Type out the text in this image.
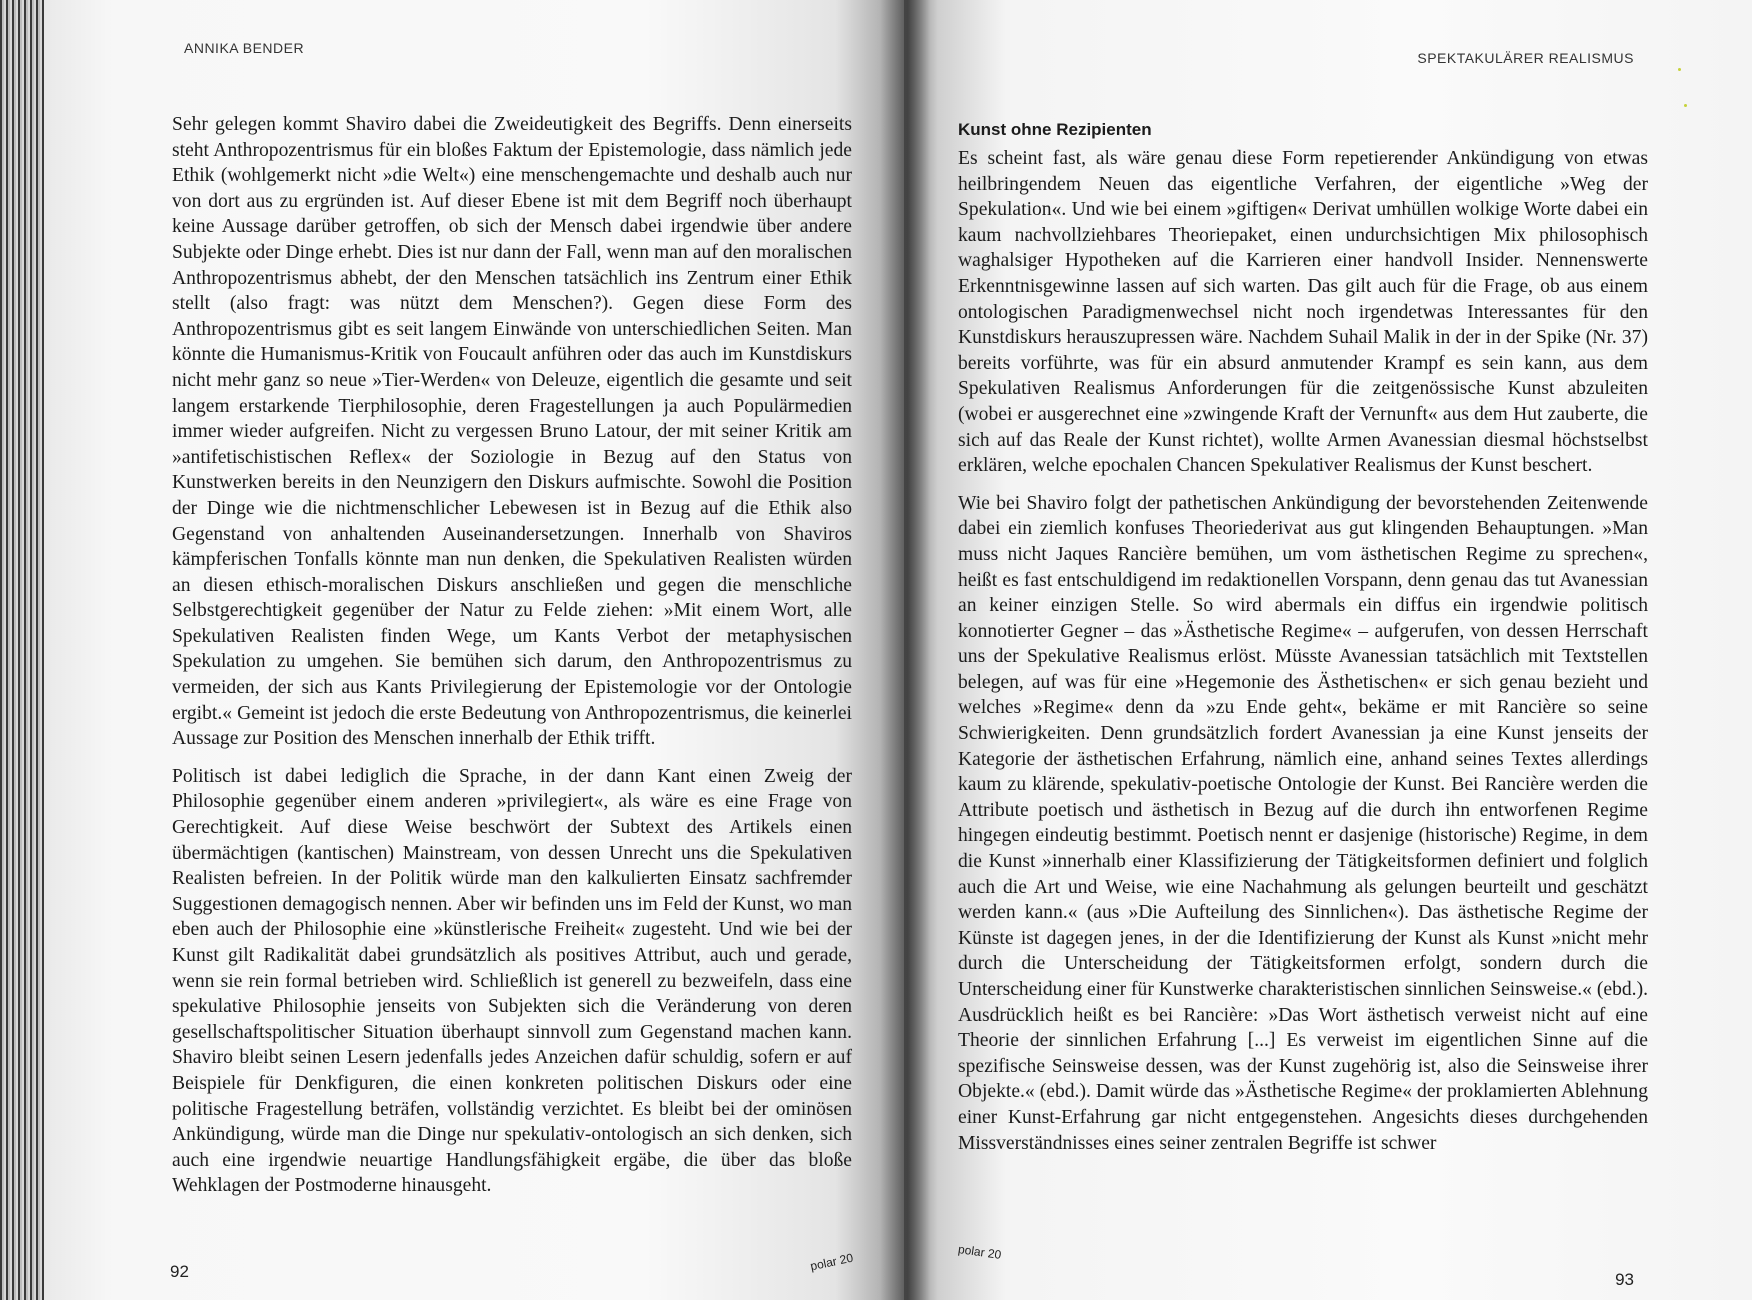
ANNIKA BENDER

Sehr gelegen kommt Shaviro dabei die Zweideutigkeit des Begriffs. Denn einerseits steht Anthropozentrismus für ein bloßes Faktum der Epistemologie, dass nämlich jede Ethik (wohlgemerkt nicht »die Welt«) eine menschengemachte und deshalb auch nur von dort aus zu ergründen ist. Auf dieser Ebene ist mit dem Begriff noch überhaupt keine Aussage darüber getroffen, ob sich der Mensch dabei irgendwie über andere Subjekte oder Dinge erhebt. Dies ist nur dann der Fall, wenn man auf den moralischen Anthropozentrismus abhebt, der den Menschen tatsächlich ins Zentrum einer Ethik stellt (also fragt: was nützt dem Menschen?). Gegen diese Form des Anthropozentrismus gibt es seit langem Einwände von unterschiedlichen Seiten. Man könnte die Humanismus-Kritik von Foucault anführen oder das auch im Kunstdiskurs nicht mehr ganz so neue »Tier-Werden« von Deleuze, eigentlich die gesamte und seit langem erstarkende Tierphilosophie, deren Fragestellungen ja auch Populärmedien immer wieder aufgreifen. Nicht zu vergessen Bruno Latour, der mit seiner Kritik am »antifetischistischen Reflex« der Soziologie in Bezug auf den Status von Kunstwerken bereits in den Neunzigern den Diskurs aufmischte. Sowohl die Position der Dinge wie die nichtmenschlicher Lebewesen ist in Bezug auf die Ethik also Gegenstand von anhaltenden Auseinandersetzungen. Innerhalb von Shaviros kämpferischen Tonfalls könnte man nun denken, die Spekulativen Realisten würden an diesen ethisch-moralischen Diskurs anschließen und gegen die menschliche Selbstgerechtigkeit gegenüber der Natur zu Felde ziehen: »Mit einem Wort, alle Spekulativen Realisten finden Wege, um Kants Verbot der metaphysischen Spekulation zu umgehen. Sie bemühen sich darum, den Anthropozentrismus zu vermeiden, der sich aus Kants Privilegierung der Epistemologie vor der Ontologie ergibt.« Gemeint ist jedoch die erste Bedeutung von Anthropozentrismus, die keinerlei Aussage zur Position des Menschen innerhalb der Ethik trifft.

Politisch ist dabei lediglich die Sprache, in der dann Kant einen Zweig der Philosophie gegenüber einem anderen »privilegiert«, als wäre es eine Frage von Gerechtigkeit. Auf diese Weise beschwört der Subtext des Artikels einen übermächtigen (kantischen) Mainstream, von dessen Unrecht uns die Spekulativen Realisten befreien. In der Politik würde man den kalkulierten Einsatz sachfremder Suggestionen demagogisch nennen. Aber wir befinden uns im Feld der Kunst, wo man eben auch der Philosophie eine »künstlerische Freiheit« zugesteht. Und wie bei der Kunst gilt Radikalität dabei grundsätzlich als positives Attribut, auch und gerade, wenn sie rein formal betrieben wird. Schließlich ist generell zu bezweifeln, dass eine spekulative Philosophie jenseits von Subjekten sich die Veränderung von deren gesellschaftspolitischer Situation überhaupt sinnvoll zum Gegenstand machen kann. Shaviro bleibt seinen Lesern jedenfalls jedes Anzeichen dafür schuldig, sofern er auf Beispiele für Denkfiguren, die einen konkreten politischen Diskurs oder eine politische Fragestellung beträfen, vollständig verzichtet. Es bleibt bei der ominösen Ankündigung, würde man die Dinge nur spekulativ-ontologisch an sich denken, sich auch eine irgendwie neuartige Handlungsfähigkeit ergäbe, die über das bloße Wehklagen der Postmoderne hinausgeht.

92	polar 20
SPEKTAKULÄRER REALISMUS
Kunst ohne Rezipienten

Es scheint fast, als wäre genau diese Form repetierender Ankündigung von etwas heilbringendem Neuen das eigentliche Verfahren, der eigentliche »Weg der Spekulation«. Und wie bei einem »giftigen« Derivat umhüllen wolkige Worte dabei ein kaum nachvollziehbares Theoriepaket, einen undurchsichtigen Mix philosophisch waghalsiger Hypotheken auf die Karrieren einer handvoll Insider. Nennenswerte Erkenntnisgewinne lassen auf sich warten. Das gilt auch für die Frage, ob aus einem ontologischen Paradigmenwechsel nicht noch irgendetwas Interessantes für den Kunstdiskurs herauszupressen wäre. Nachdem Suhail Malik in der in der Spike (Nr. 37) bereits vorführte, was für ein absurd anmutender Krampf es sein kann, aus dem Spekulativen Realismus Anforderungen für die zeitgenössische Kunst abzuleiten (wobei er ausgerechnet eine »zwingende Kraft der Vernunft« aus dem Hut zauberte, die sich auf das Reale der Kunst richtet), wollte Armen Avanessian diesmal höchstselbst erklären, welche epochalen Chancen Spekulativer Realismus der Kunst beschert.

Wie bei Shaviro folgt der pathetischen Ankündigung der bevorstehenden Zeitenwende dabei ein ziemlich konfuses Theoriederivat aus gut klingenden Behauptungen. »Man muss nicht Jaques Rancière bemühen, um vom ästhetischen Regime zu sprechen«, heißt es fast entschuldigend im redaktionellen Vorspann, denn genau das tut Avanessian an keiner einzigen Stelle. So wird abermals ein diffus ein irgendwie politisch konnotierter Gegner – das »Ästhetische Regime« – aufgerufen, von dessen Herrschaft uns der Spekulative Realismus erlöst. Müsste Avanessian tatsächlich mit Textstellen belegen, auf was für eine »Hegemonie des Ästhetischen« er sich genau bezieht und welches »Regime« denn da »zu Ende geht«, bekäme er mit Rancière so seine Schwierigkeiten. Denn grundsätzlich fordert Avanessian ja eine Kunst jenseits der Kategorie der ästhetischen Erfahrung, nämlich eine, anhand seines Textes allerdings kaum zu klärende, spekulativ-poetische Ontologie der Kunst. Bei Rancière werden die Attribute poetisch und ästhetisch in Bezug auf die durch ihn entworfenen Regime hingegen eindeutig bestimmt. Poetisch nennt er dasjenige (historische) Regime, in dem die Kunst »innerhalb einer Klassifizierung der Tätigkeitsformen definiert und folglich auch die Art und Weise, wie eine Nachahmung als gelungen beurteilt und geschätzt werden kann.« (aus »Die Aufteilung des Sinnlichen«). Das ästhetische Regime der Künste ist dagegen jenes, in der die Identifizierung der Kunst als Kunst »nicht mehr durch die Unterscheidung der Tätigkeitsformen erfolgt, sondern durch die Unterscheidung einer für Kunstwerke charakteristischen sinnlichen Seinsweise.« (ebd.). Ausdrücklich heißt es bei Rancière: »Das Wort ästhetisch verweist nicht auf eine Theorie der sinnlichen Erfahrung [...] Es verweist im eigentlichen Sinne auf die spezifische Seinsweise dessen, was der Kunst zugehörig ist, also die Seinsweise ihrer Objekte.« (ebd.). Damit würde das »Ästhetische Regime« der proklamierten Ablehnung einer Kunst-Erfahrung gar nicht entgegenstehen. Angesichts dieses durchgehenden Missverständnisses eines seiner zentralen Begriffe ist schwer

polar 20
93
